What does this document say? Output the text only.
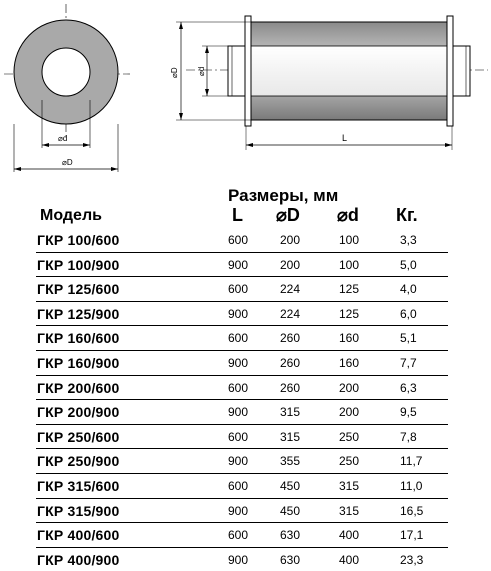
⌀d
⌀D
⌀D ⌀d
L
Размеры, мм
Модель	L ⌀D ⌀d Кг.
ГКР 100/600	600	200	100	3,3
ГКР 100/900	900	200	100	5,0
ГКР 125/600	600	224	125	4,0
ГКР 125/900	900	224	125	6,0
ГКР 160/600	600	260	160	5,1
ГКР 160/900	900	260	160	7,7
ГКР 200/600	600	260	200	6,3
ГКР 200/900	900	315	200	9,5
ГКР 250/600	600	315	250	7,8
ГКР 250/900	900	355	250	11,7
ГКР 315/600	600	450	315	11,0
ГКР 315/900	900	450	315	16,5
ГКР 400/600	600	630	400	17,1
ГКР 400/900	900	630	400	23,3
